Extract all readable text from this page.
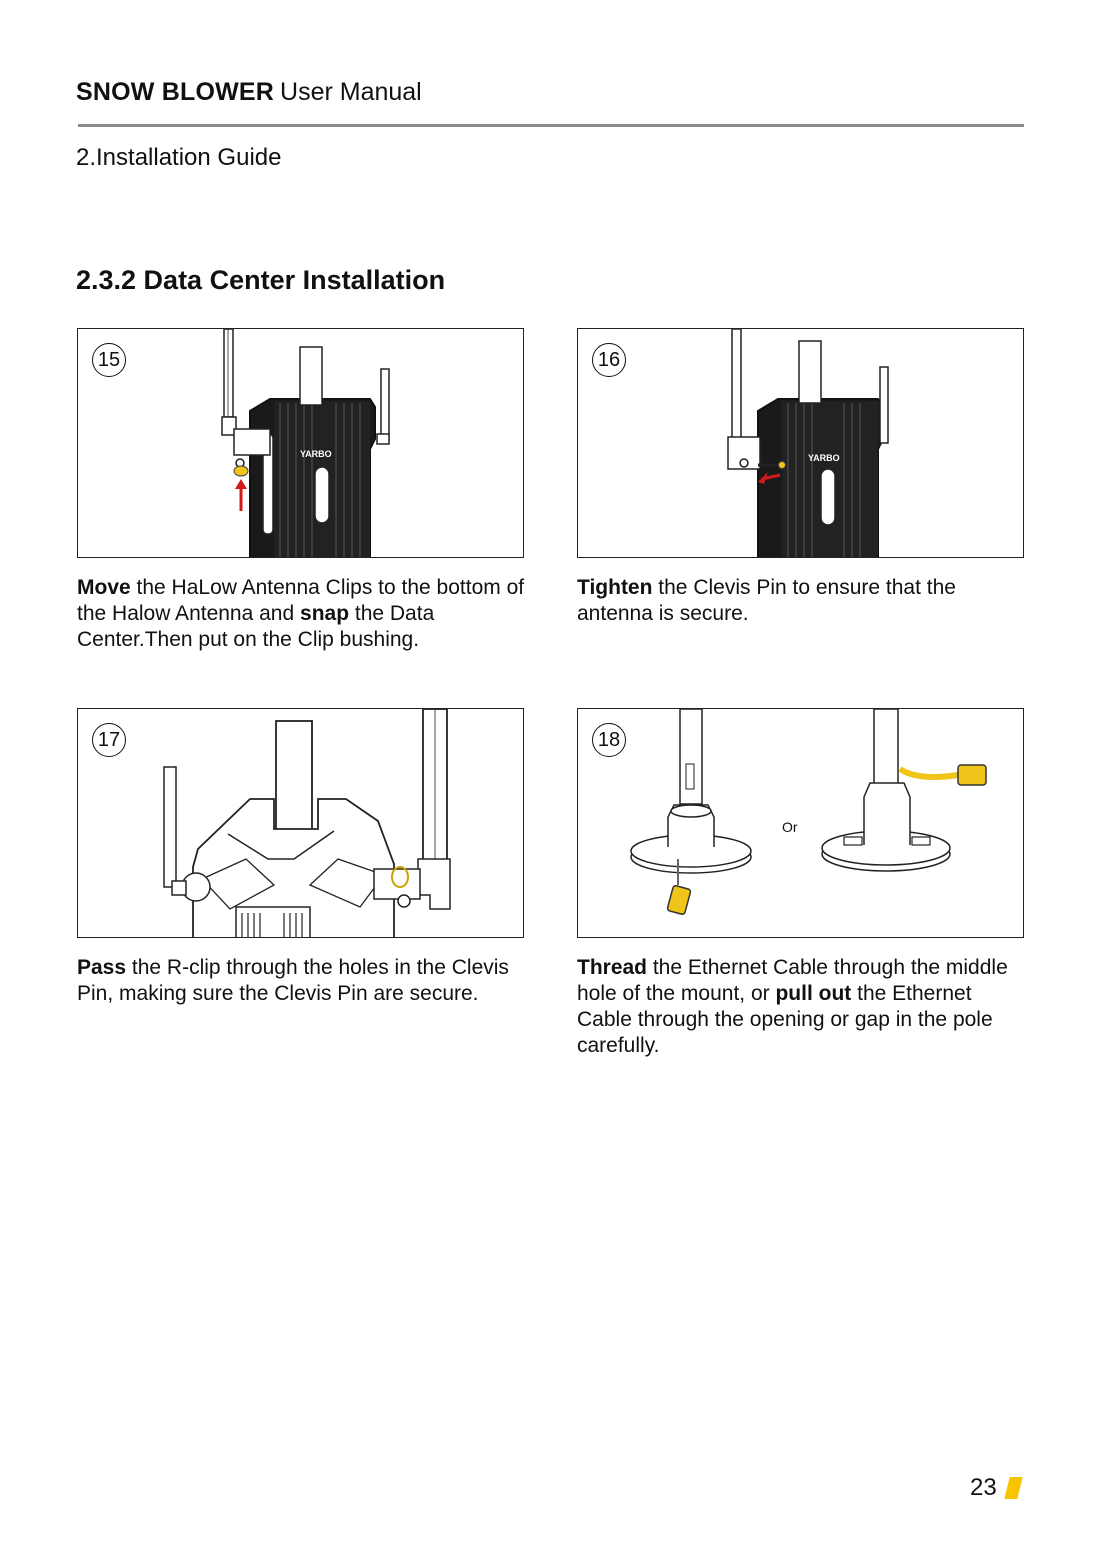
SNOW BLOWER User Manual
2.Installation Guide
2.3.2 Data Center Installation
YARBO
15
Move the HaLow Antenna Clips to the bottom of the Halow Antenna and snap the Data Center.Then put on the Clip bushing.
YARBO
16
Tighten the Clevis Pin to ensure that the antenna is secure.
17
Pass the R-clip through the holes in the Clevis Pin, making sure the Clevis Pin are secure.
18
Or
Thread the Ethernet Cable through the middle hole of the mount, or pull out the Ethernet Cable through the opening or gap in the pole carefully.
23
